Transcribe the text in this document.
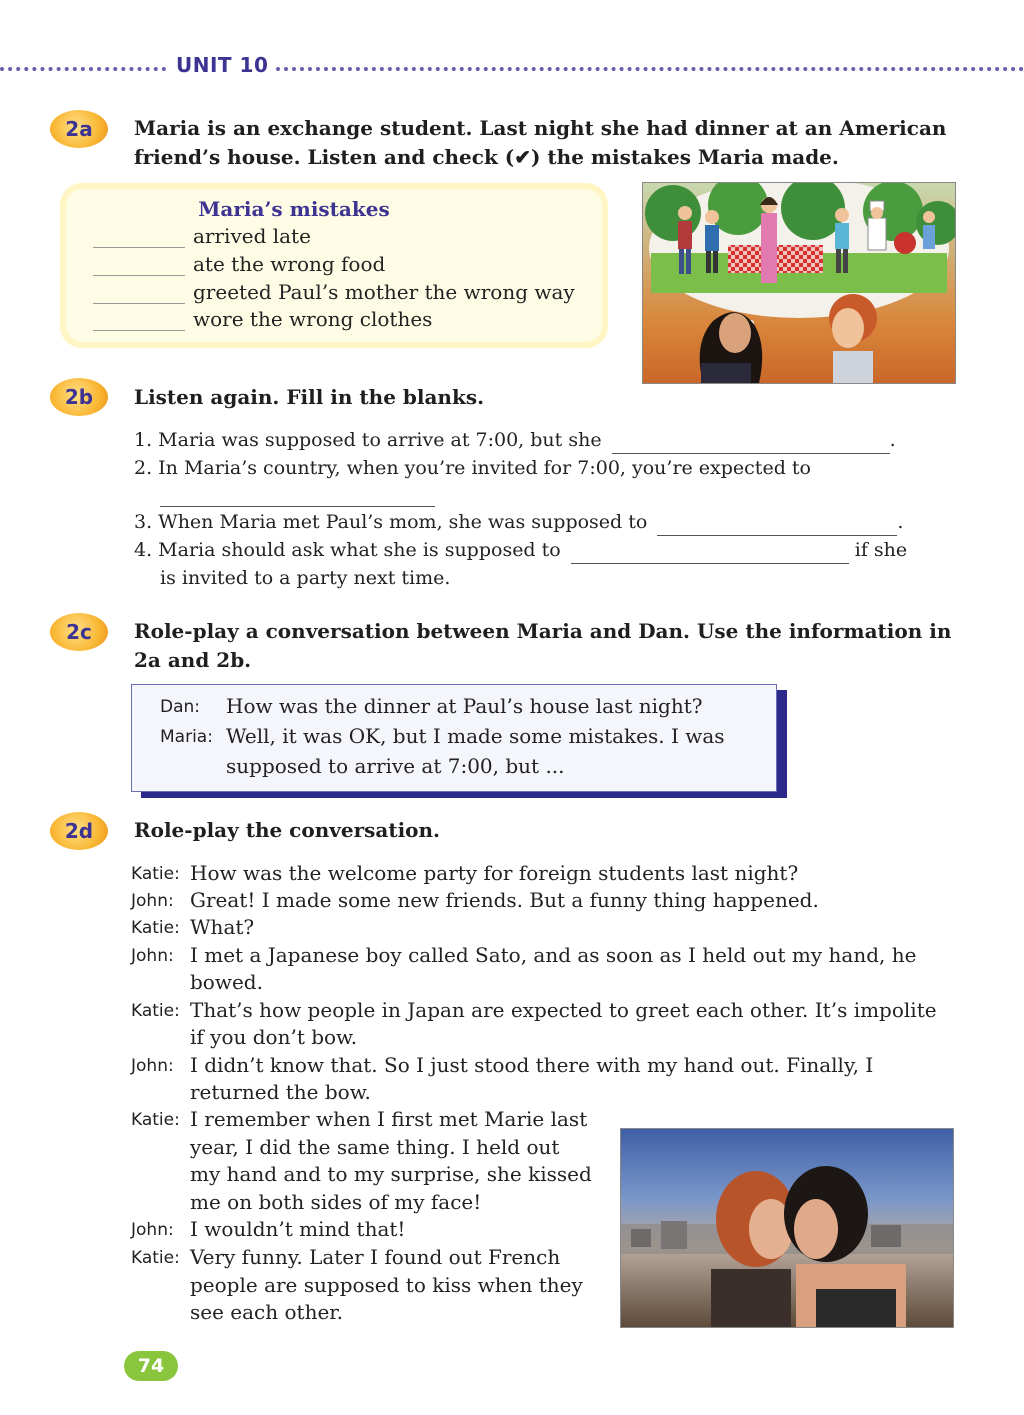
UNIT 10
2a	Maria is an exchange student. Last night she had dinner at an American
friend’s house. Listen and check (✔) the mistakes Maria made.
Maria’s mistakes
arrived late
ate the wrong food
greeted Paul’s mother the wrong way
wore the wrong clothes
2b	Listen again. Fill in the blanks.
1. Maria was supposed to arrive at 7:00, but she	.
2. In Maria’s country, when you’re invited for 7:00, you’re expected to
3. When Maria met Paul’s mom, she was supposed to	.
4. Maria should ask what she is supposed to	if she
is invited to a party next time.
2c	Role-play a conversation between Maria and Dan. Use the information in
2a and 2b.
Dan: How was the dinner at Paul’s house last night?
Maria: Well, it was OK, but I made some mistakes. I was
supposed to arrive at 7:00, but ...
2d	Role-play the conversation.
Katie: How was the welcome party for foreign students last night?
John: Great! I made some new friends. But a funny thing happened.
Katie: What?
John: I met a Japanese boy called Sato, and as soon as I held out my hand, he
bowed.
Katie: That’s how people in Japan are expected to greet each other. It’s impolite
if you don’t bow.
John: I didn’t know that. So I just stood there with my hand out. Finally, I
returned the bow.
Katie: I remember when I first met Marie last
year, I did the same thing. I held out
my hand and to my surprise, she kissed
me on both sides of my face!
John: I wouldn’t mind that!
Katie: Very funny. Later I found out French
people are supposed to kiss when they
see each other.
74
